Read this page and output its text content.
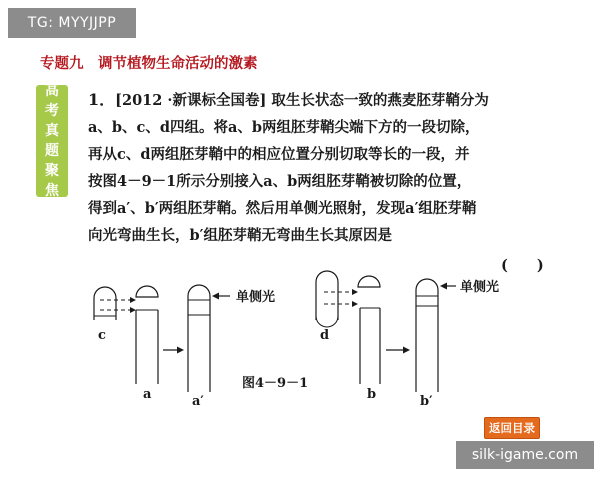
TG: MYYJJPP
专题九　调节植物生命活动的激素
高
考
真
题
聚
焦
1．[2012 ·新课标全国卷] 取生长状态一致的燕麦胚芽鞘分为
a、b、c、d四组。将a、b两组胚芽鞘尖端下方的一段切除，
再从c、d两组胚芽鞘中的相应位置分别切取等长的一段，并
按图4－9－1所示分别接入a、b两组胚芽鞘被切除的位置，
得到a′、b′两组胚芽鞘。然后用单侧光照射，发现a′组胚芽鞘
向光弯曲生长，b′组胚芽鞘无弯曲生长其原因是
(　　)
单侧光
单侧光
c	d
a	a′	b	b′
图4－9－1
返回目录
silk-igame.com
